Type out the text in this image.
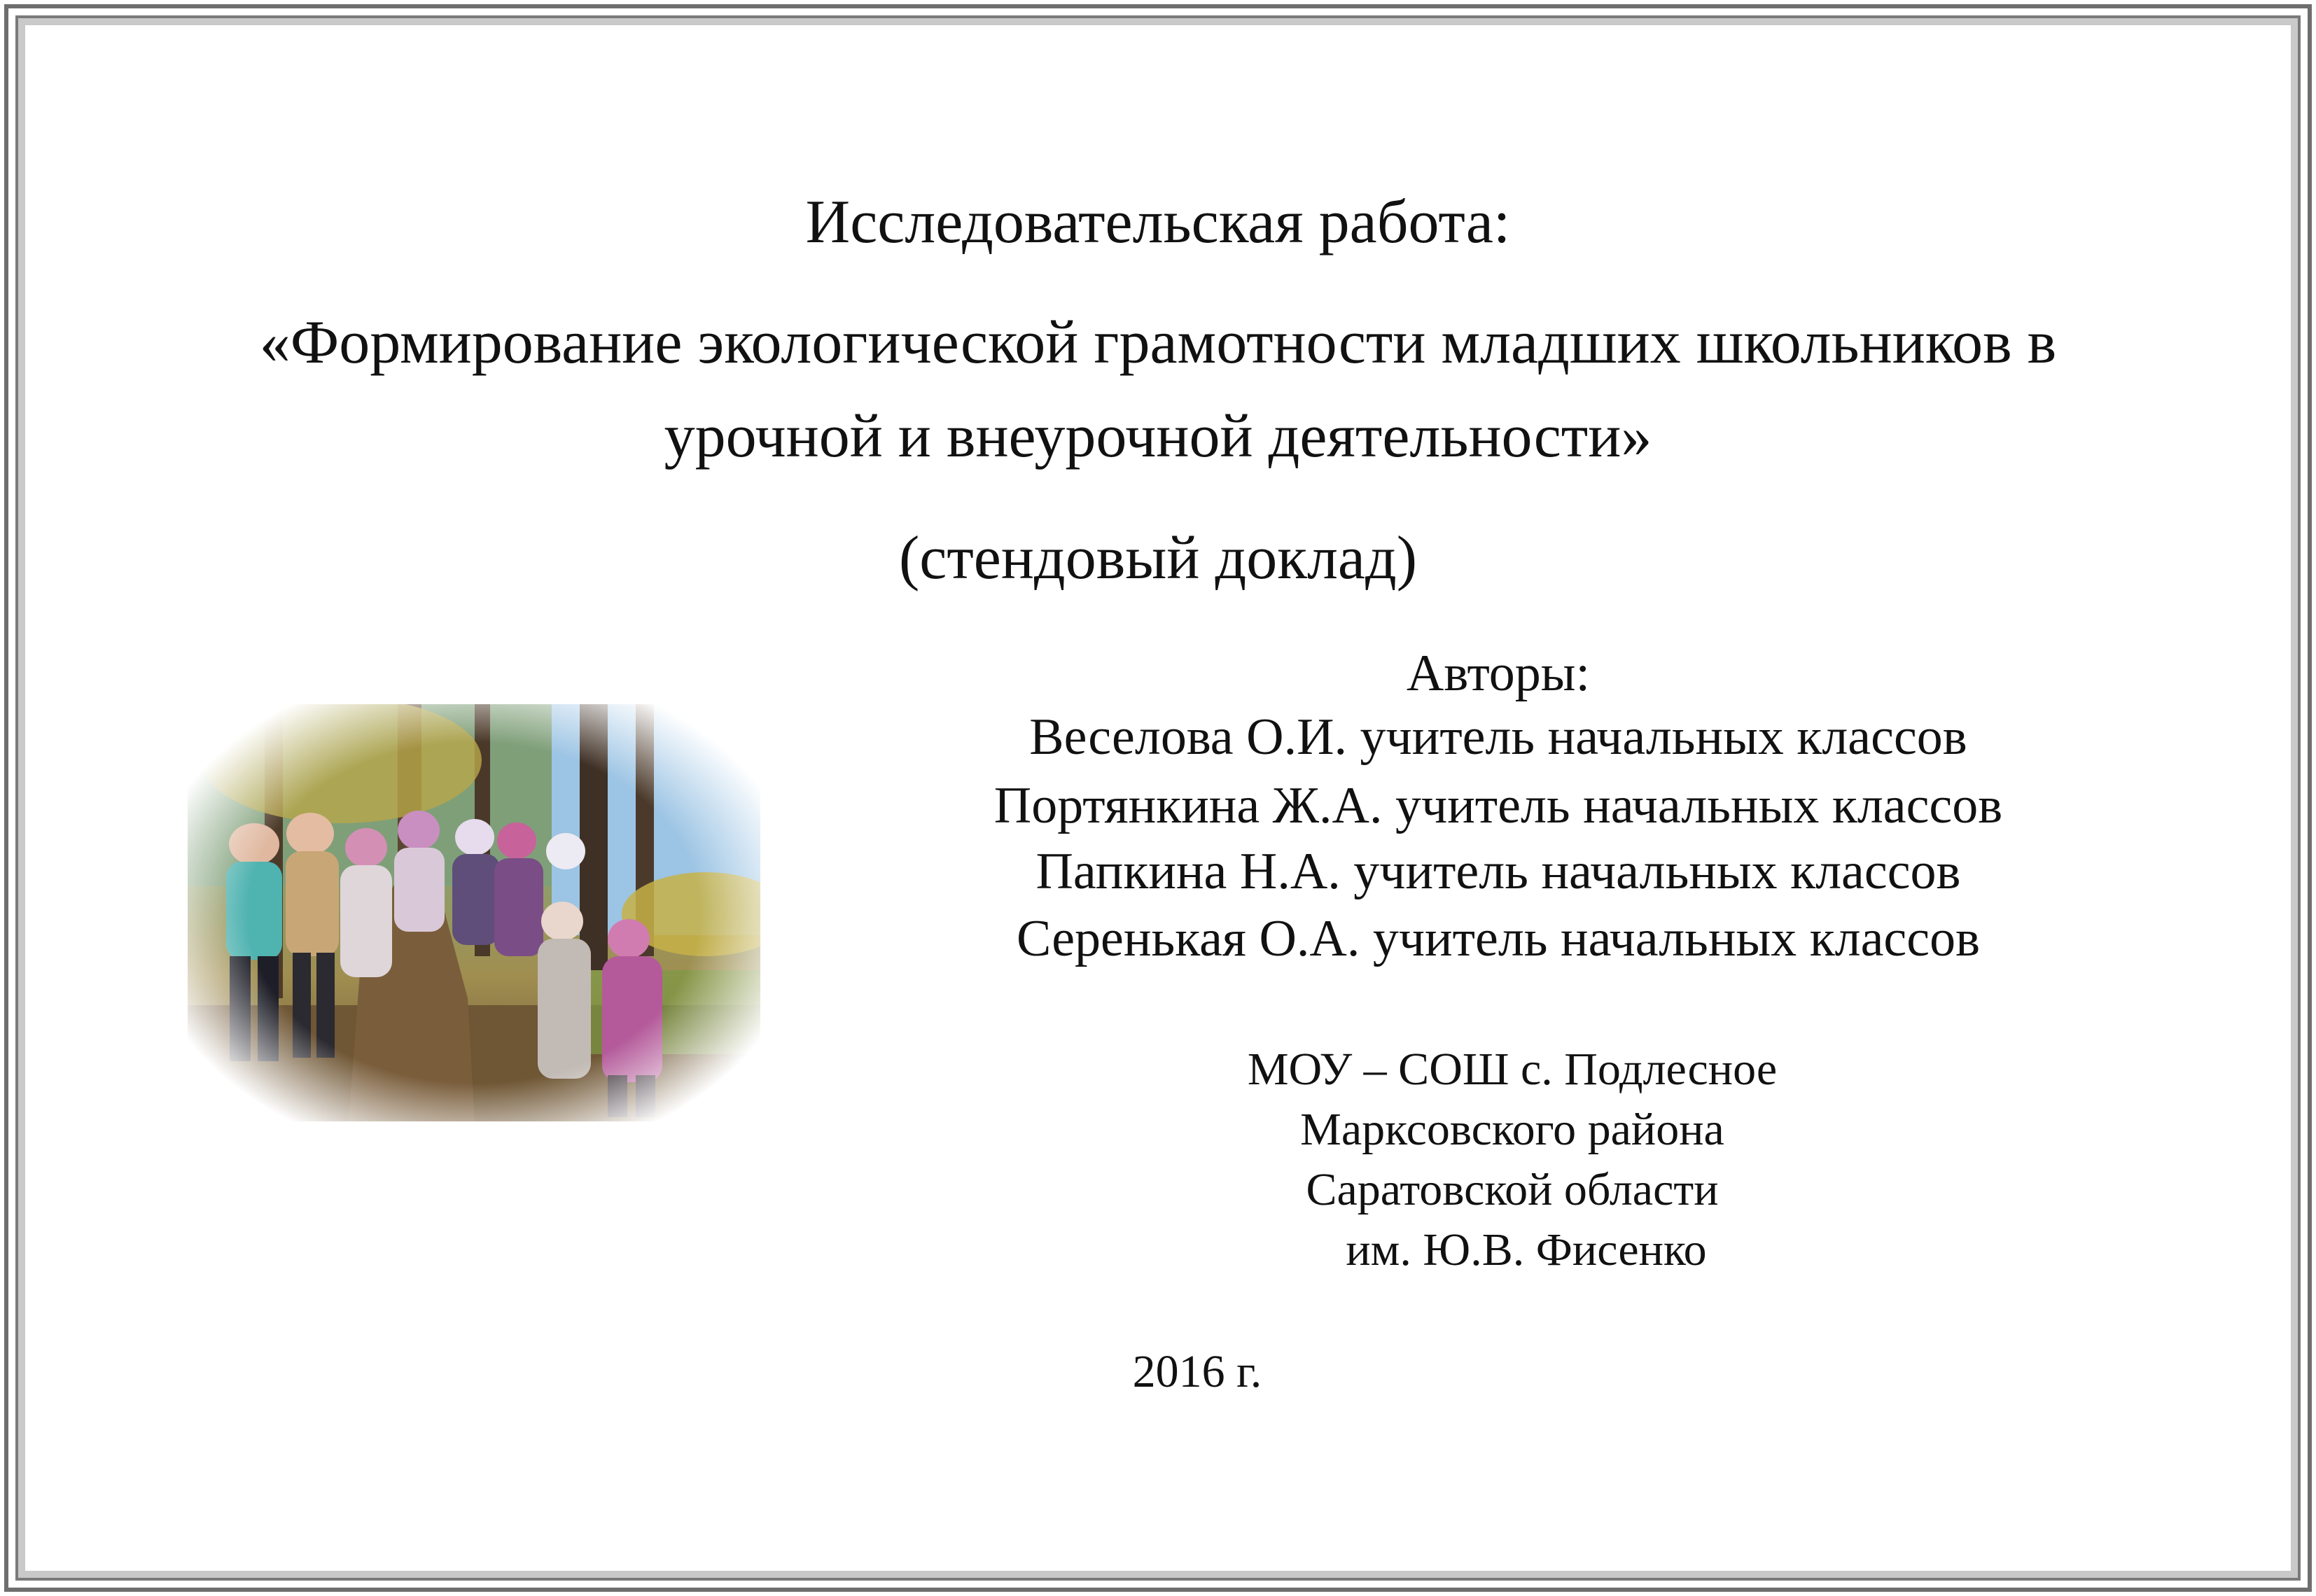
Исследовательская работа:
«Формирование экологической грамотности младших школьников в
урочной и внеурочной деятельности»
(стендовый доклад)
Авторы:
Веселова О.И. учитель начальных классов
Портянкина Ж.А. учитель начальных классов
Папкина Н.А. учитель начальных классов
Серенькая О.А. учитель начальных классов
МОУ – СОШ с. Подлесное
Марксовского района
Саратовской области
им. Ю.В. Фисенко
2016 г.
